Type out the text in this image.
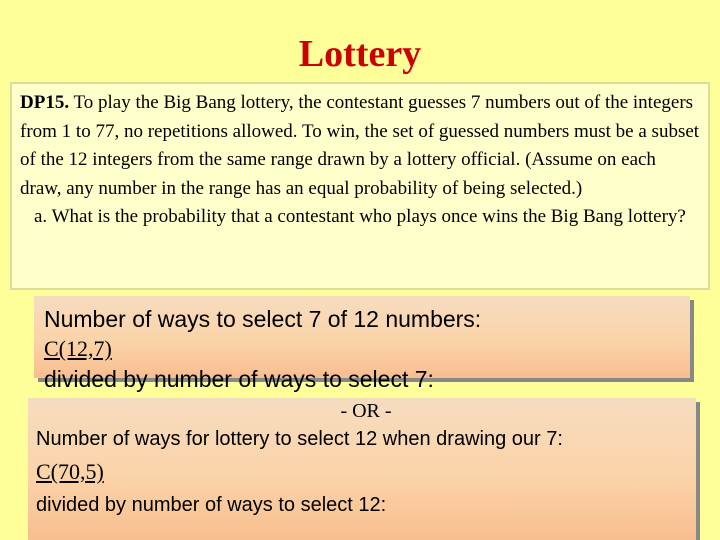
Lottery
DP15. To play the Big Bang lottery, the contestant guesses 7 numbers out of the integers from 1 to 77, no repetitions allowed. To win, the set of guessed numbers must be a subset of the 12 integers from the same range drawn by a lottery official. (Assume on each draw, any number in the range has an equal probability of being selected.)
a. What is the probability that a contestant who plays once wins the Big Bang lottery?
Number of ways to select 7 of 12 numbers:
C(12,7)
divided by number of ways to select 7:
- OR -
Number of ways for lottery to select 12 when drawing our 7:
C(70,5)
divided by number of ways to select 12:
